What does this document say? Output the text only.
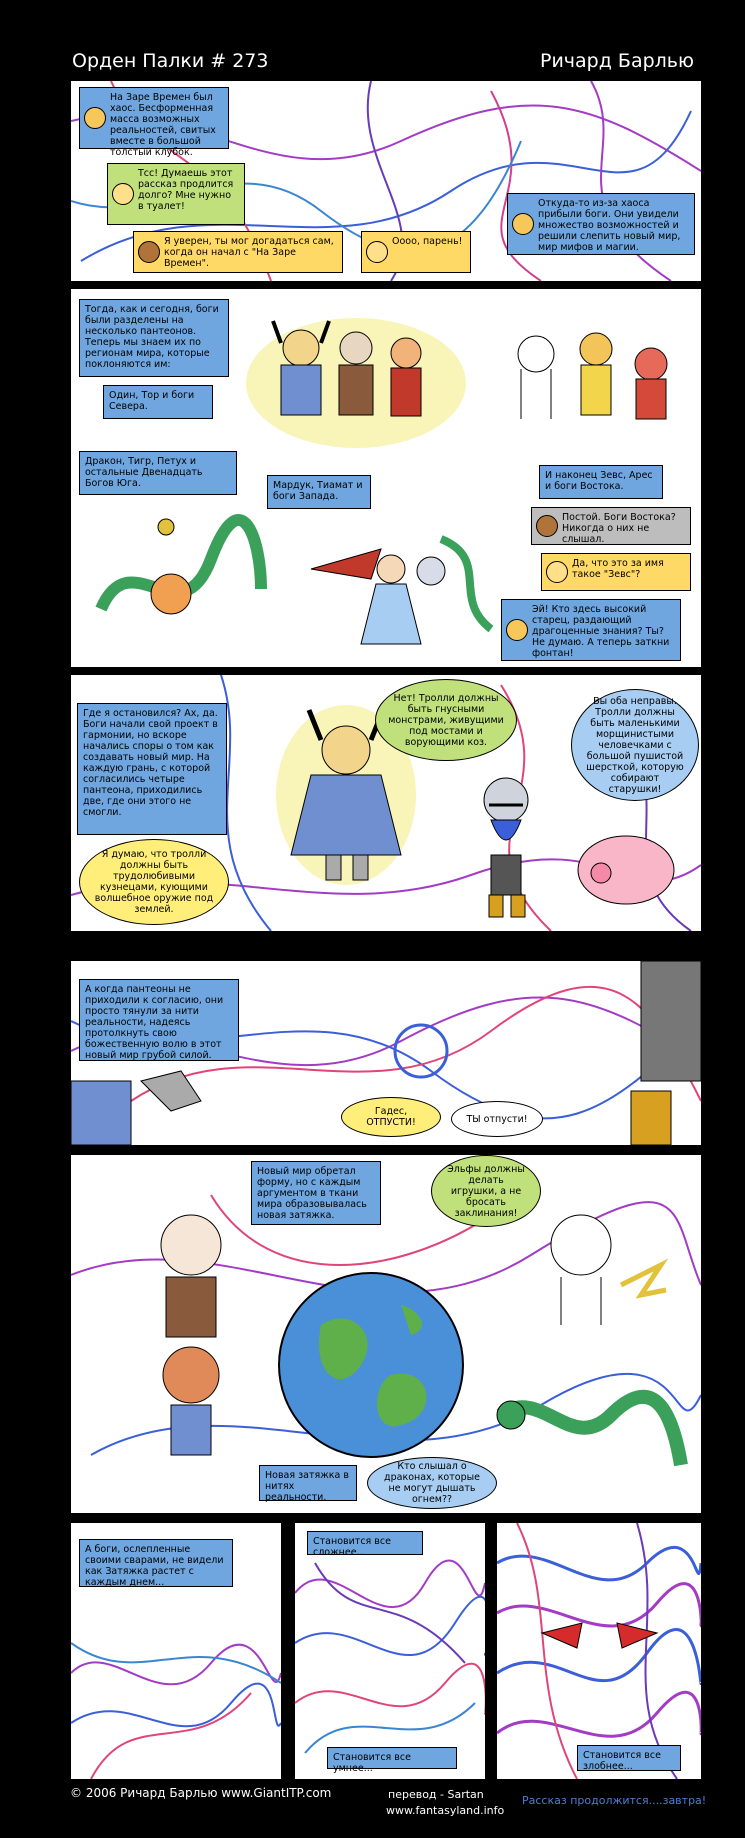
Орден Палки # 273	Ричард Барлью
На Заре Времен был хаос. Бесформенная масса возможных реальностей, свитых вместе в большой толстый клубок.
Тсс! Думаешь этот рассказ продлится долго? Мне нужно в туалет!
Я уверен, ты мог догадаться сам, когда он начал с "На Заре Времен".
Оооо, парень!
Откуда-то из-за хаоса прибыли боги. Они увидели множество возможностей и решили слепить новый мир, мир мифов и магии.
Тогда, как и сегодня, боги были разделены на несколько пантеонов. Теперь мы знаем их по регионам мира, которые поклоняются им:
Один, Тор и боги Севера.
И наконец Зевс, Арес и боги Востока.
Дракон, Тигр, Петух и остальные Двенадцать Богов Юга.	Мардук, Тиамат и боги Запада.
Постой. Боги Востока? Никогда о них не слышал.
Да, что это за имя такое "Зевс"?
Эй! Кто здесь высокий старец, раздающий драгоценные знания? Ты? Не думаю. А теперь заткни фонтан!
Где я остановился? Ах, да. Боги начали свой проект в гармонии, но вскоре начались споры о том как создавать новый мир. На каждую грань, с которой согласились четыре пантеона, приходились две, где они этого не смогли.
Нет! Тролли должны быть гнусными монстрами, живущими под мостами и ворующими коз.
Вы оба неправы. Тролли должны быть маленькими морщинистыми человечками с большой пушистой шерсткой, которую собирают старушки!
Я думаю, что тролли должны быть трудолюбивыми кузнецами, кующими волшебное оружие под землей.
А когда пантеоны не приходили к согласию, они просто тянули за нити реальности, надеясь протолкнуть свою божественную волю в этот новый мир грубой силой.
Гадес, ОТПУСТИ!	ТЫ отпусти!
Новый мир обретал форму, но с каждым аргументом в ткани мира образовывалась новая затяжка.
Эльфы должны делать игрушки, а не бросать заклинания!
Новая затяжка в нитях реальности.
Кто слышал о драконах, которые не могут дышать огнем??
А боги, ослепленные своими сварами, не видели как Затяжка растет с каждым днем...
Становится все сложнее...
Становится все умнее...
Становится все злобнее...
© 2006 Ричард Барлью www.GiantITP.com	перевод - Sartan
www.fantasyland.info
Рассказ продолжится....завтра!
